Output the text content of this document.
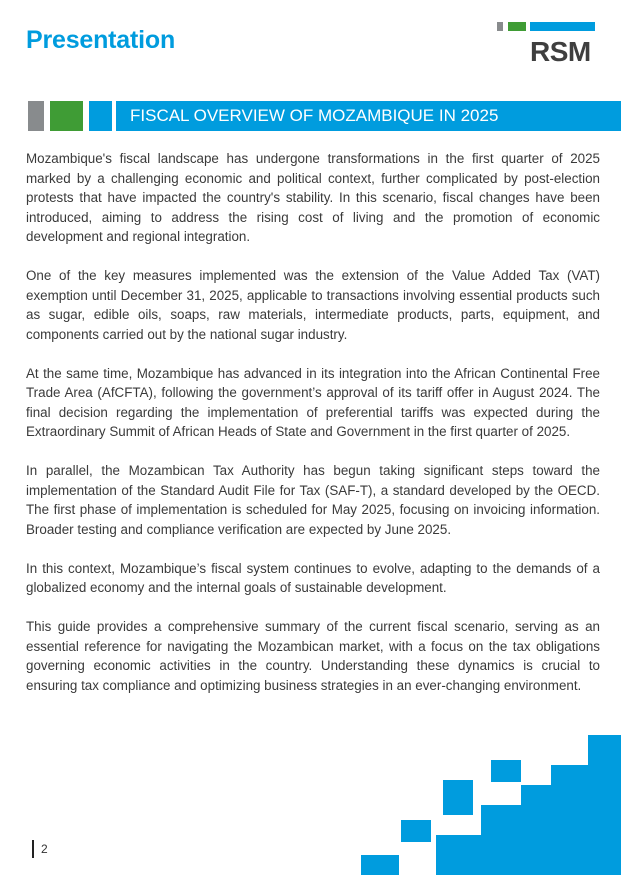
Presentation	RSM
FISCAL OVERVIEW OF MOZAMBIQUE IN 2025

Mozambique's fiscal landscape has undergone transformations in the first quarter of 2025 marked by a challenging economic and political context, further complicated by post-election protests that have impacted the country's stability. In this scenario, fiscal changes have been introduced, aiming to address the rising cost of living and the promotion of economic development and regional integration.

One of the key measures implemented was the extension of the Value Added Tax (VAT) exemption until December 31, 2025, applicable to transactions involving essential products such as sugar, edible oils, soaps, raw materials, intermediate products, parts, equipment, and components carried out by the national sugar industry.

At the same time, Mozambique has advanced in its integration into the African Continental Free Trade Area (AfCFTA), following the government’s approval of its tariff offer in August 2024. The final decision regarding the implementation of preferential tariffs was expected during the Extraordinary Summit of African Heads of State and Government in the first quarter of 2025.

In parallel, the Mozambican Tax Authority has begun taking significant steps toward the implementation of the Standard Audit File for Tax (SAF-T), a standard developed by the OECD. The first phase of implementation is scheduled for May 2025, focusing on invoicing information. Broader testing and compliance verification are expected by June 2025.

In this context, Mozambique’s fiscal system continues to evolve, adapting to the demands of a globalized economy and the internal goals of sustainable development.

This guide provides a comprehensive summary of the current fiscal scenario, serving as an essential reference for navigating the Mozambican market, with a focus on the tax obligations governing economic activities in the country. Understanding these dynamics is crucial to ensuring tax compliance and optimizing business strategies in an ever-changing environment.

2
